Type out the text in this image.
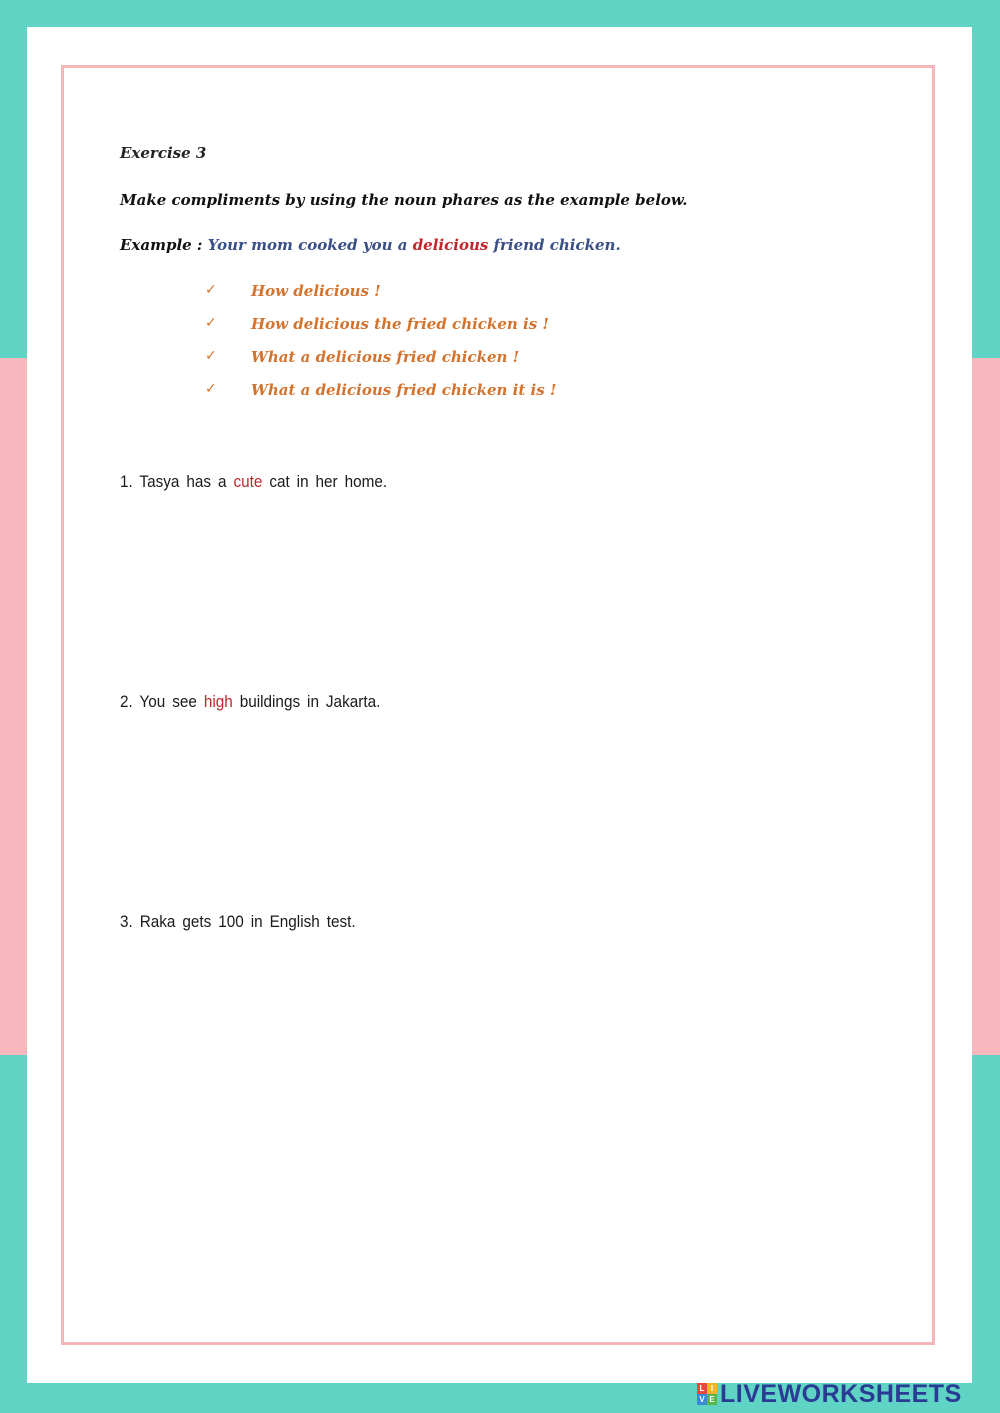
Exercise 3
Make compliments by using the noun phares as the example below.
Example : Your mom cooked you a delicious friend chicken.
✓	How delicious !
✓	How delicious the fried chicken is !
✓	What a delicious fried chicken !
✓	What a delicious fried chicken it is !
1. Tasya has a cute cat in her home.
2. You see high buildings in Jakarta.
3. Raka gets 100 in English test.
L I
V E LIVEWORKSHEETS
